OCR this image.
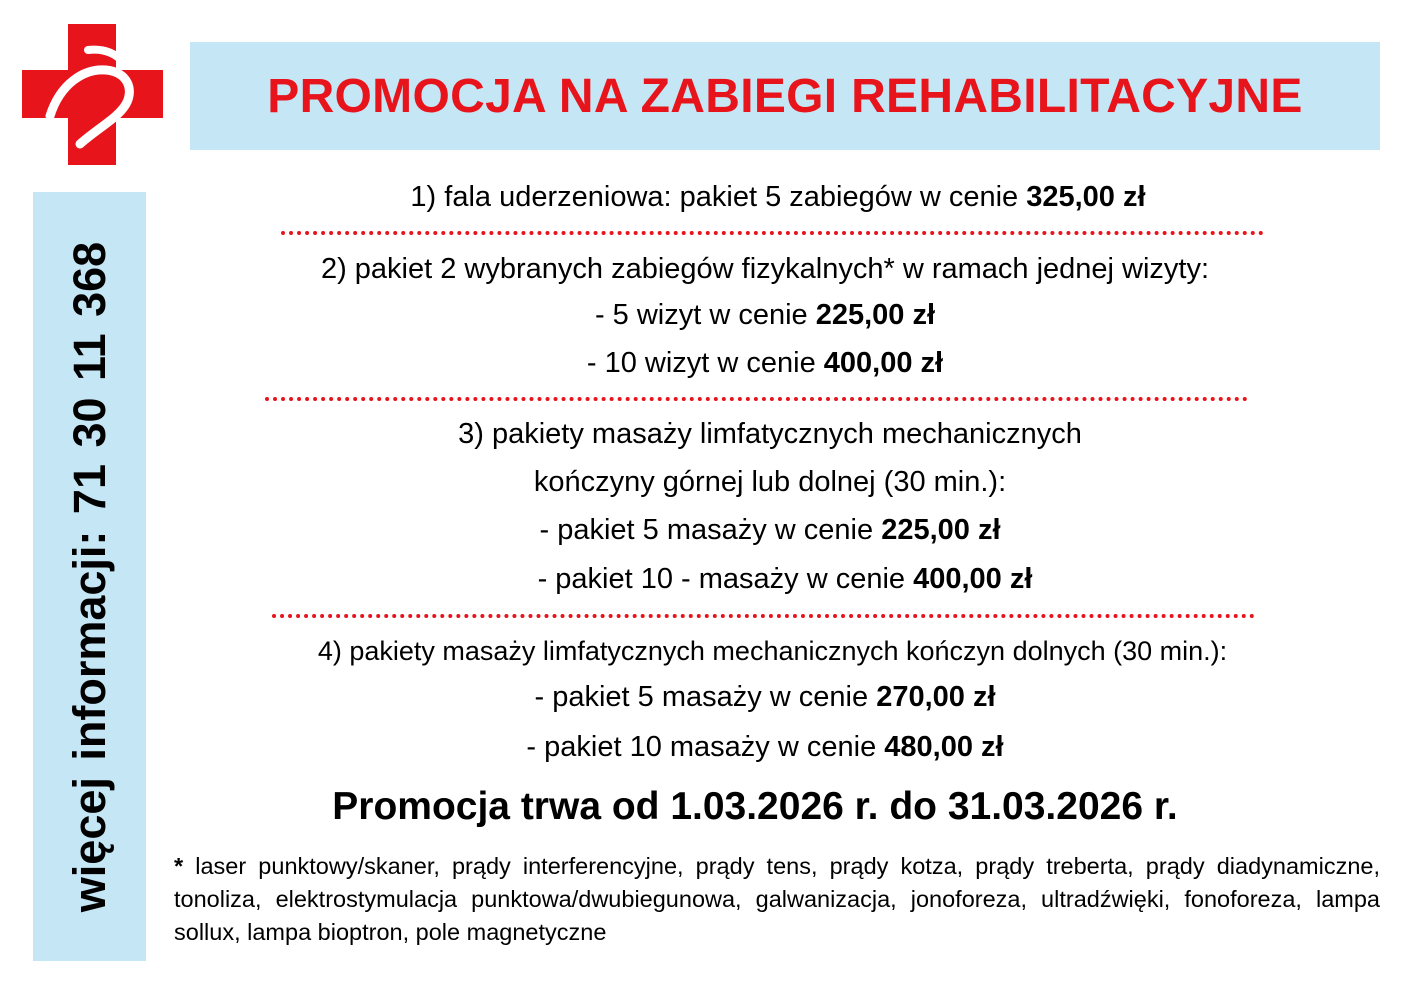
PROMOCJA NA ZABIEGI REHABILITACYJNE
więcej informacji: 71 30 11 368
1) fala uderzeniowa: pakiet 5 zabiegów w cenie 325,00 zł
2) pakiet 2 wybranych zabiegów fizykalnych* w ramach jednej wizyty:
- 5 wizyt w cenie 225,00 zł
- 10 wizyt w cenie 400,00 zł
3) pakiety masaży limfatycznych mechanicznych
kończyny górnej lub dolnej (30 min.):
- pakiet 5 masaży w cenie 225,00 zł
- pakiet 10 - masaży w cenie 400,00 zł
4) pakiety masaży limfatycznych mechanicznych kończyn dolnych (30 min.):
- pakiet 5 masaży w cenie 270,00 zł
- pakiet 10 masaży w cenie 480,00 zł
Promocja trwa od 1.03.2026 r. do 31.03.2026 r.
* laser punktowy/skaner, prądy interferencyjne, prądy tens, prądy kotza, prądy treberta, prądy diadynamiczne, tonoliza, elektrostymulacja punktowa/dwubiegunowa, galwanizacja, jonoforeza, ultradźwięki, fonoforeza, lampa sollux, lampa bioptron, pole magnetyczne
